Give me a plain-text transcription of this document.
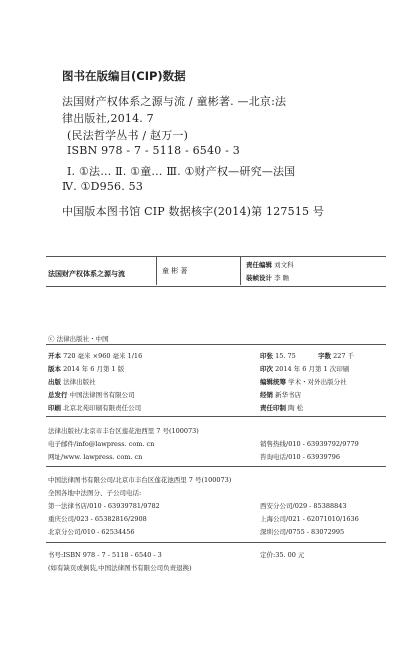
图书在版编目(CIP)数据
法国财产权体系之源与流 / 童彬著. —北京:法
律出版社,2014. 7
(民法哲学丛书 / 赵万一)
ISBN 978 - 7 - 5118 - 6540 - 3
Ⅰ. ①法… Ⅱ. ①童… Ⅲ. ①财产权—研究—法国
Ⅳ. ①D956. 53
中国版本图书馆 CIP 数据核字(2014)第 127515 号
法国财产权体系之源与流	童 彬 著
责任编辑 刘文科
装帧设计 李 瞻
ⓒ 法律出版社・中国
开本 720 毫米 ×960 毫米 1/16	印张 15. 75	字数 227 千
版本 2014 年 6 月第 1 版	印次 2014 年 6 月第 1 次印刷
出版 法律出版社	编辑统筹 学术・对外出版分社
总发行 中国法律图书有限公司	经销 新华书店
印刷 北京北苑印刷有限责任公司	责任印制 陶 松
法律出版社/北京市丰台区莲花池西里 7 号(100073)
电子邮件/info@lawpress. com. cn	销售热线/010 - 63939792/9779
网址/www. lawpress. com. cn	咨询电话/010 - 63939796
中国法律图书有限公司/北京市丰台区莲花池西里 7 号(100073)
全国各地中法图分、子公司电话:
第一法律书店/010 - 63939781/9782	西安分公司/029 - 85388843
重庆公司/023 - 65382816/2908	上海公司/021 - 62071010/1636
北京分公司/010 - 62534456	深圳公司/0755 - 83072995
书号:ISBN 978 - 7 - 5118 - 6540 - 3	定价:35. 00 元
(如有缺页或倒装,中国法律图书有限公司负责退换)
